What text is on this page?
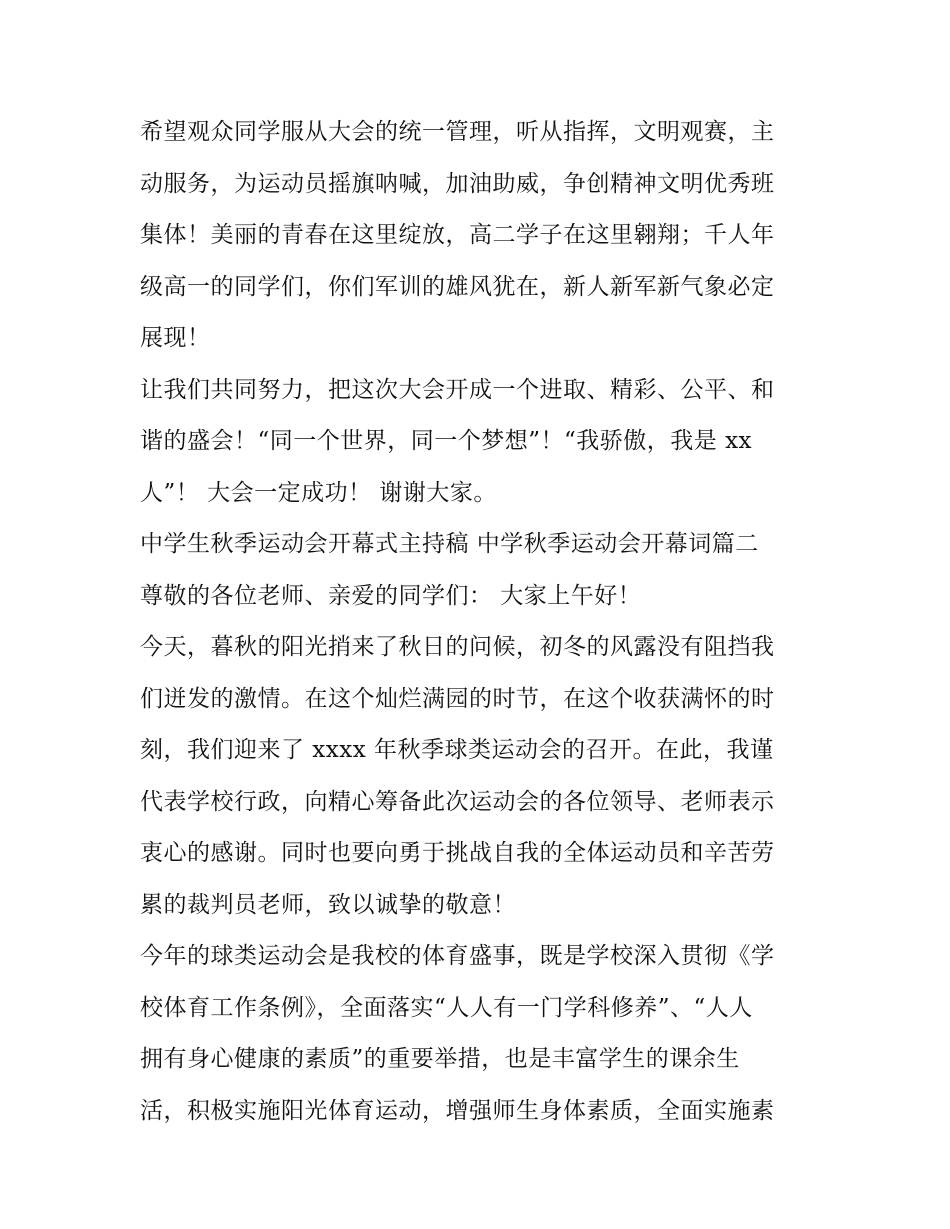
希望观众同学服从大会的统一管理，听从指挥，文明观赛，主
动服务，为运动员摇旗呐喊，加油助威，争创精神文明优秀班
集体！美丽的青春在这里绽放，高二学子在这里翱翔；千人年
级高一的同学们，你们军训的雄风犹在，新人新军新气象必定
展现！
让我们共同努力，把这次大会开成一个进取、精彩、公平、和
谐的盛会！“同一个世界，同一个梦想”！“我骄傲，我是 xx
人”！ 大会一定成功！ 谢谢大家。
中学生秋季运动会开幕式主持稿 中学秋季运动会开幕词篇二
尊敬的各位老师、亲爱的同学们： 大家上午好！
今天，暮秋的阳光捎来了秋日的问候，初冬的风露没有阻挡我
们迸发的激情。在这个灿烂满园的时节，在这个收获满怀的时
刻，我们迎来了 xxxx 年秋季球类运动会的召开。在此，我谨
代表学校行政，向精心筹备此次运动会的各位领导、老师表示
衷心的感谢。同时也要向勇于挑战自我的全体运动员和辛苦劳
累的裁判员老师，致以诚挚的敬意！
今年的球类运动会是我校的体育盛事，既是学校深入贯彻《学
校体育工作条例》，全面落实“人人有一门学科修养”、“人人
拥有身心健康的素质”的重要举措，也是丰富学生的课余生
活，积极实施阳光体育运动，增强师生身体素质，全面实施素
